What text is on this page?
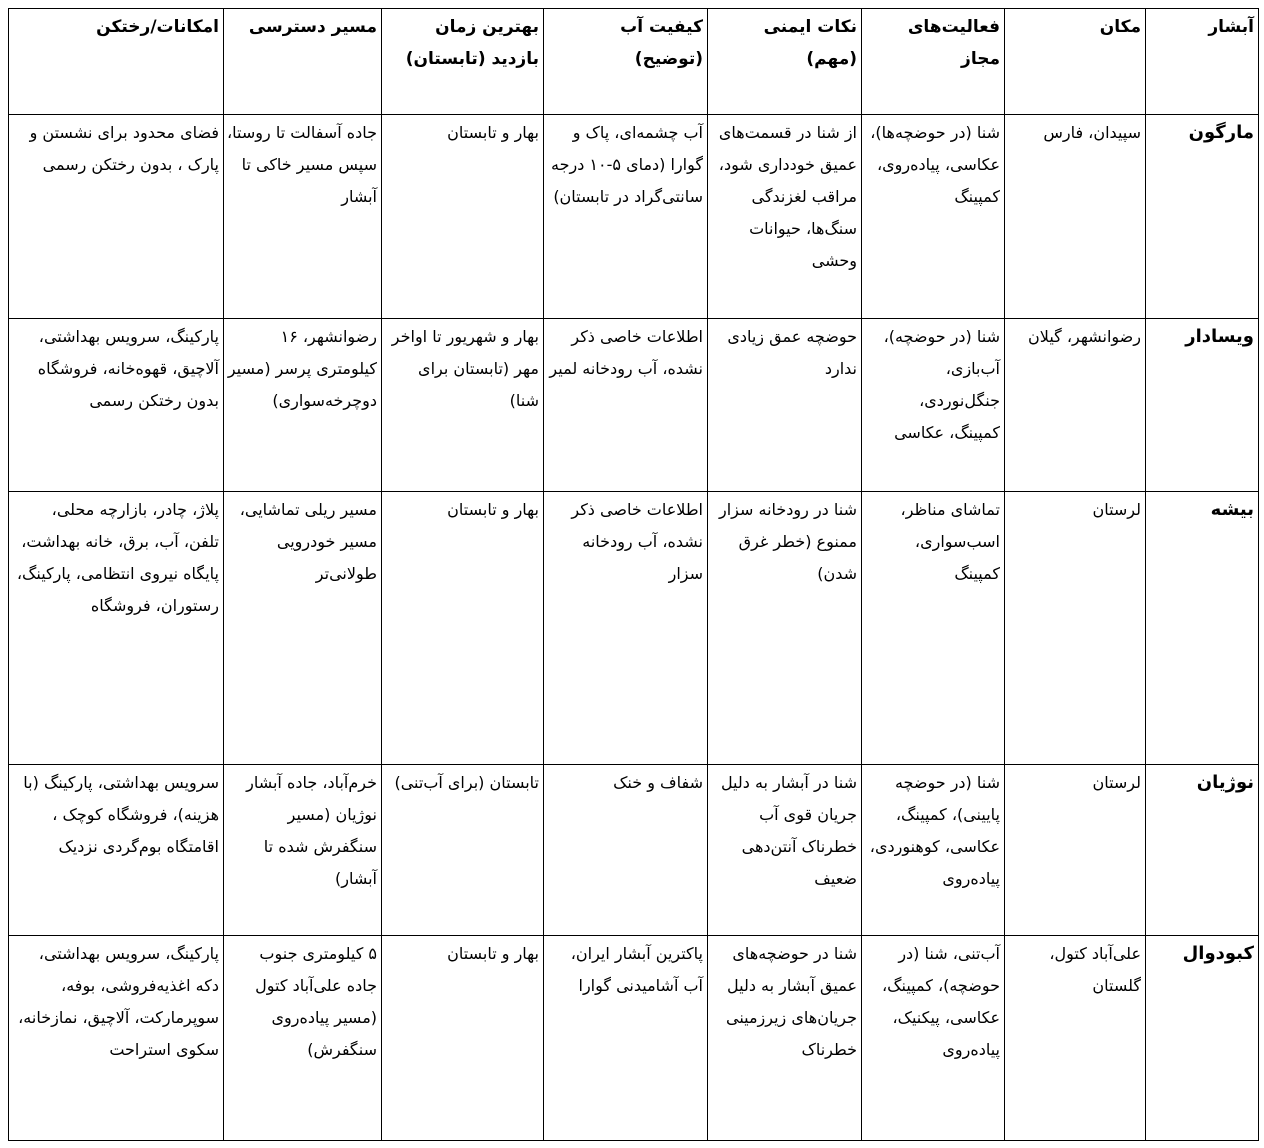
آبشار	مکان	فعالیت‌های مجاز	نکات ایمنی (مهم)	کیفیت آب (توضیح)	بهترین زمان بازدید (تابستان)	مسیر دسترسی	امکانات/رختکن
مارگون	سپیدان، فارس	شنا (در حوضچه‌ها)، عکاسی، پیاده‌روی، کمپینگ	از شنا در قسمت‌های عمیق خودداری شود، مراقب لغزندگی سنگ‌ها، حیوانات وحشی	آب چشمه‌ای، پاک و گوارا (دمای ۵-۱۰ درجه سانتی‌گراد در تابستان)	بهار و تابستان	جاده آسفالت تا روستا، سپس مسیر خاکی تا آبشار	فضای محدود برای نشستن و پارک ، بدون رختکن رسمی
ویسادار	رضوانشهر، گیلان	شنا (در حوضچه)، آب‌بازی، جنگل‌نوردی، کمپینگ، عکاسی	حوضچه عمق زیادی ندارد	اطلاعات خاصی ذکر نشده، آب رودخانه لمیر	بهار و شهریور تا اواخر مهر (تابستان برای شنا)	رضوانشهر، ۱۶ کیلومتری پرسر (مسیر دوچرخه‌سواری)	پارکینگ، سرویس بهداشتی، آلاچیق، قهوه‌خانه، فروشگاه بدون رختکن رسمی
بیشه	لرستان	تماشای مناظر، اسب‌سواری، کمپینگ	شنا در رودخانه سزار ممنوع (خطر غرق شدن)	اطلاعات خاصی ذکر نشده، آب رودخانه سزار	بهار و تابستان	مسیر ریلی تماشایی، مسیر خودرویی طولانی‌تر	پلاژ، چادر، بازارچه محلی، تلفن، آب، برق، خانه بهداشت، پایگاه نیروی انتظامی، پارکینگ، رستوران، فروشگاه
نوژیان	لرستان	شنا (در حوضچه پایینی)، کمپینگ، عکاسی، کوهنوردی، پیاده‌روی	شنا در آبشار به دلیل جریان قوی آب خطرناک آنتن‌دهی ضعیف	شفاف و خنک	تابستان (برای آب‌تنی)	خرم‌آباد، جاده آبشار نوژیان (مسیر سنگفرش شده تا آبشار)	سرویس بهداشتی، پارکینگ (با هزینه)، فروشگاه کوچک ، اقامتگاه بوم‌گردی نزدیک
کبودوال	علی‌آباد کتول، گلستان	آب‌تنی، شنا (در حوضچه)، کمپینگ، عکاسی، پیکنیک، پیاده‌روی	شنا در حوضچه‌های عمیق آبشار به دلیل جریان‌های زیرزمینی خطرناک	پاکترین آبشار ایران، آب آشامیدنی گوارا	بهار و تابستان	۵ کیلومتری جنوب جاده علی‌آباد کتول (مسیر پیاده‌روی سنگفرش)	پارکینگ، سرویس بهداشتی، دکه اغذیه‌فروشی، بوفه، سوپرمارکت، آلاچیق، نمازخانه، سکوی استراحت
